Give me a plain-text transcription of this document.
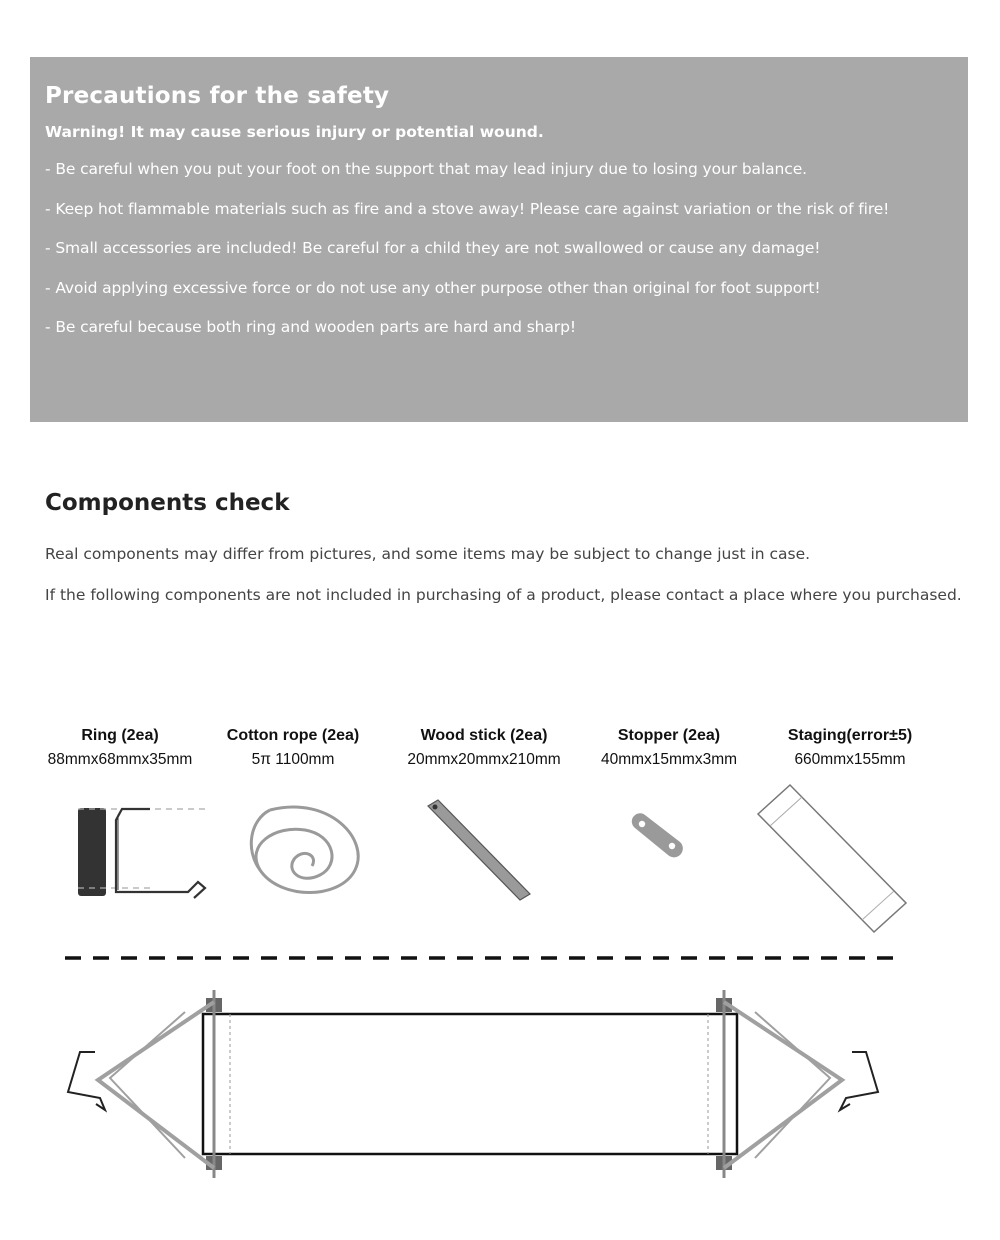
Precautions for the safety
Warning! It may cause serious injury or potential wound.
- Be careful when you put your foot on the support that may lead injury due to losing your balance.
- Keep hot flammable materials such as fire and a stove away! Please care against variation or the risk of fire!
- Small accessories are included! Be careful for a child they are not swallowed or cause any damage!
- Avoid applying excessive force or do not use any other purpose other than original for foot support!
- Be careful because both ring and wooden parts are hard and sharp!
Components check

Real components may differ from pictures, and some items may be subject to change just in case.

If the following components are not included in purchasing of a product, please contact a place where you purchased.

Ring (2ea)
88mmx68mmx35mm
Cotton rope (2ea)
5π 1100mm
Wood stick (2ea)
20mmx20mmx210mm
Stopper (2ea)
40mmx15mmx3mm
Staging(error±5)
660mmx155mm
